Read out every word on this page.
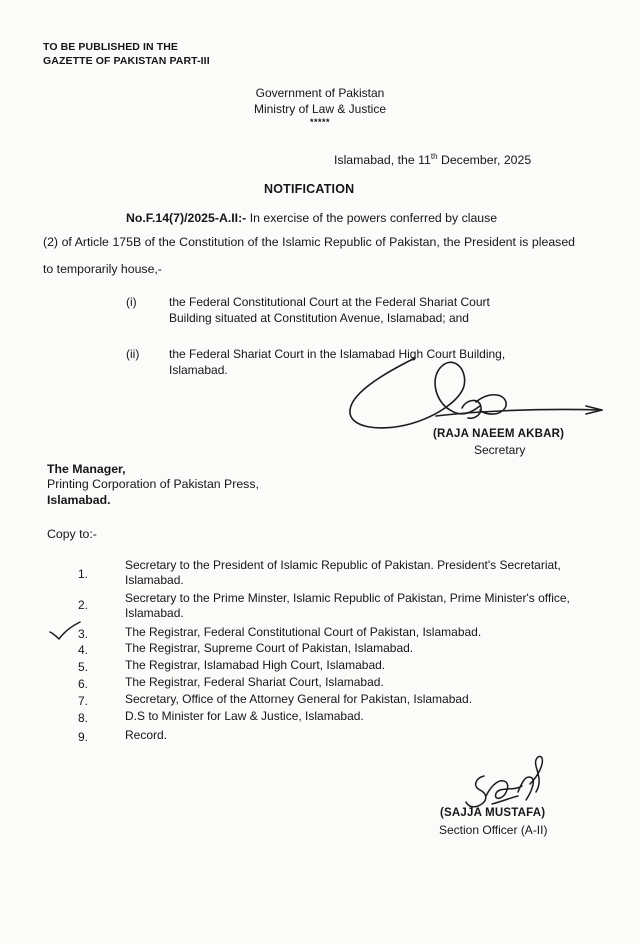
TO BE PUBLISHED IN THE
GAZETTE OF PAKISTAN PART-III
Government of Pakistan
Ministry of Law & Justice
*****
Islamabad, the 11th December, 2025
NOTIFICATION
No.F.14(7)/2025-A.II:- In exercise of the powers conferred by clause
(2) of Article 175B of the Constitution of the Islamic Republic of Pakistan, the President is pleased to temporarily house,-
(i)	the Federal Constitutional Court at the Federal Shariat Court
Building situated at Constitution Avenue, Islamabad; and
(ii) the Federal Shariat Court in the Islamabad High Court Building,
Islamabad.
(RAJA NAEEM AKBAR)
Secretary
The Manager,
Printing Corporation of Pakistan Press,
Islamabad.
Copy to:-
1.
Secretary to the President of Islamic Republic of Pakistan. President's Secretariat, Islamabad.
2.	Secretary to the Prime Minster, Islamic Republic of Pakistan, Prime Minister's office, Islamabad.
3.	The Registrar, Federal Constitutional Court of Pakistan, Islamabad.
4.	The Registrar, Supreme Court of Pakistan, Islamabad.
5.	The Registrar, Islamabad High Court, Islamabad.
6.	The Registrar, Federal Shariat Court, Islamabad.
7.	Secretary, Office of the Attorney General for Pakistan, Islamabad.
8.	D.S to Minister for Law & Justice, Islamabad.
9.	Record.
(SAJJA MUSTAFA)
Section Officer (A-II)
